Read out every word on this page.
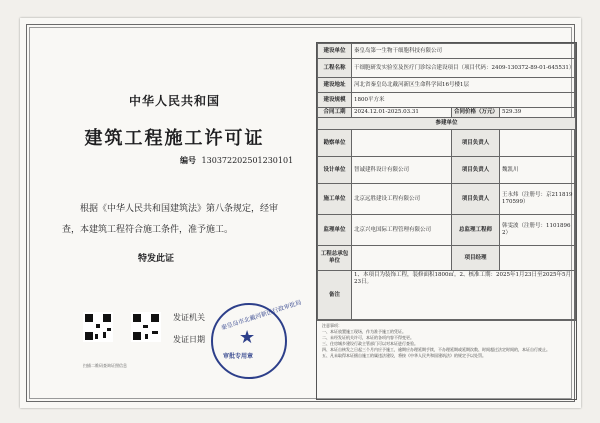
中华人民共和国
建筑工程施工许可证
编号 130372202501230101
根据《中华人民共和国建筑法》第八条规定，经审查，本建筑工程符合施工条件，准予施工。
特发此证
发证机关
发证日期
扫描二维码查询证照信息
秦皇岛市北戴河新区行政审批局
★
审批专用章
建设单位	秦皇岛第一生物干细胞科技有限公司		
工程名称	干细胞研发实验室及医疗门诊综合建设项目（项目代码：2409-130372-89-01-645531）		
建设地址	河北省秦皇岛北戴河新区生命科学园16号楼1层		
建设规模	1800平方米		
合同工期	2024.12.01-2025.03.31	合同价格（万元）	529.39
参建单位			
勘察单位		项目负责人	
设计单位	智诚建科设计有限公司	项目负责人	魏凯川
施工单位	北京远胜建设工程有限公司	项目负责人	王永炜（注册号：京211819170599）
监理单位	北京兴电国际工程管理有限公司	总监理工程师	韩雯波（注册号：11018962）
工程总承包单位		项目经理	
备注	1、本项目为装饰工程，装修面积1800㎡。2、核准工期：2025年1月23日至2025年5月23日。		
注意事项：
一、本证放置施工现场，作为准予施工的凭证。
二、未经发证机关许可，本证的各项内容不得变更。
三、住房城乡建设行政主管部门可以对本证进行查验。
四、本证自核发之日起三个月内应予施工，逾期应办理延期手续，不办理延期或延期次数、时间超过法定时间的，本证自行废止。
五、凡未取得本证擅自施工的属违法建设，将按《中华人民共和国建筑法》的规定予以处罚。
